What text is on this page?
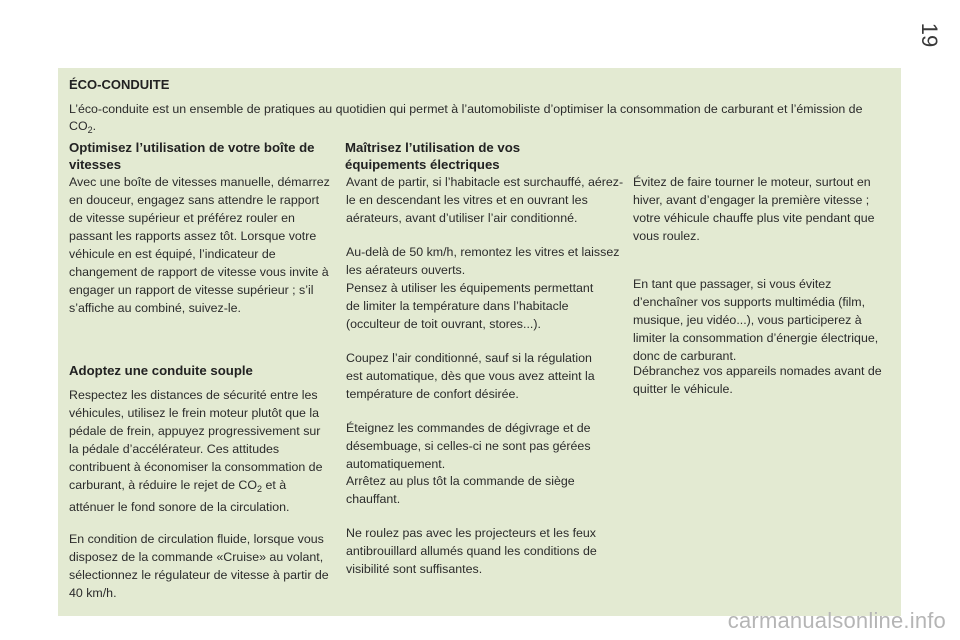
19
ÉCO-CONDUITE
L’éco-conduite est un ensemble de pratiques au quotidien qui permet à l’automobiliste d’optimiser la consommation de carburant et l’émission de $CO_2$.
Optimisez l’utilisation de votre boîte de vitesses

Avec une boîte de vitesses manuelle, démarrez en douceur, engagez sans attendre le rapport de vitesse supérieur et préférez rouler en passant les rapports assez tôt. Lorsque votre véhicule en est équipé, l’indicateur de changement de rapport de vitesse vous invite à engager un rapport de vitesse supérieur ; s’il s’affiche au combiné, suivez-le.

Adoptez une conduite souple

Respectez les distances de sécurité entre les véhicules, utilisez le frein moteur plutôt que la pédale de frein, appuyez progressivement sur la pédale d’accélérateur. Ces attitudes contribuent à économiser la consommation de carburant, à réduire le rejet de $CO_2$ et à atténuer le fond sonore de la circulation.

En condition de circulation fluide, lorsque vous disposez de la commande «Cruise» au volant, sélectionnez le régulateur de vitesse à partir de 40 km/h.

Maîtrisez l’utilisation de vos équipements électriques

Avant de partir, si l’habitacle est surchauffé, aérez-le en descendant les vitres et en ouvrant les aérateurs, avant d’utiliser l’air conditionné.

Au-delà de 50 km/h, remontez les vitres et laissez les aérateurs ouverts.

Pensez à utiliser les équipements permettant de limiter la température dans l’habitacle (occulteur de toit ouvrant, stores...).

Coupez l’air conditionné, sauf si la régulation est automatique, dès que vous avez atteint la température de confort désirée.

Éteignez les commandes de dégivrage et de désembuage, si celles-ci ne sont pas gérées automatiquement.

Arrêtez au plus tôt la commande de siège chauffant.

Ne roulez pas avec les projecteurs et les feux antibrouillard allumés quand les conditions de visibilité sont suffisantes.

Évitez de faire tourner le moteur, surtout en hiver, avant d’engager la première vitesse ; votre véhicule chauffe plus vite pendant que vous roulez.

En tant que passager, si vous évitez d’enchaîner vos supports multimédia (film, musique, jeu vidéo...), vous participerez à limiter la consommation d’énergie électrique, donc de carburant.

Débranchez vos appareils nomades avant de quitter le véhicule.

carmanualsonline.info
